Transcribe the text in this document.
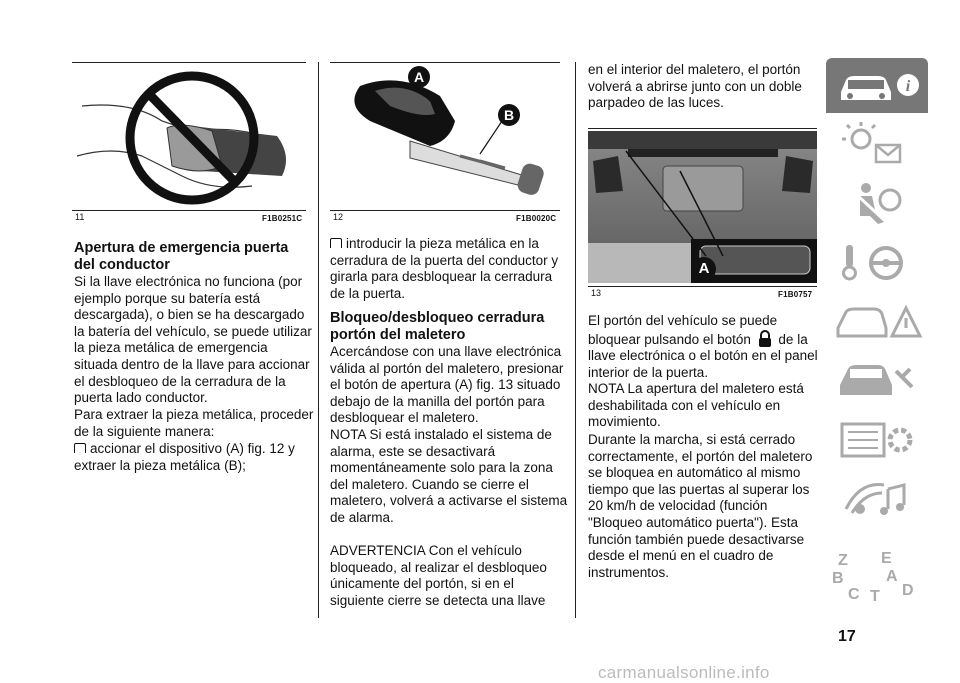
11	F1B0251C
Apertura de emergencia puerta del conductor
Si la llave electrónica no funciona (por ejemplo porque su batería está descargada), o bien se ha descargado la batería del vehículo, se puede utilizar la pieza metálica de emergencia situada dentro de la llave para accionar el desbloqueo de la cerradura de la puerta lado conductor.
Para extraer la pieza metálica, proceder de la siguiente manera:
accionar el dispositivo (A) fig. 12 y extraer la pieza metálica (B);
A
B
12	F1B0020C
introducir la pieza metálica en la cerradura de la puerta del conductor y girarla para desbloquear la cerradura de la puerta.
Bloqueo/desbloqueo cerradura portón del maletero
Acercándose con una llave electrónica válida al portón del maletero, presionar el botón de apertura (A) fig. 13 situado debajo de la manilla del portón para desbloquear el maletero.
NOTA Si está instalado el sistema de alarma, este se desactivará momentáneamente solo para la zona del maletero. Cuando se cierre el maletero, volverá a activarse el sistema de alarma.
ADVERTENCIA Con el vehículo bloqueado, al realizar el desbloqueo únicamente del portón, si en el siguiente cierre se detecta una llave
en el interior del maletero, el portón volverá a abrirse junto con un doble parpadeo de las luces.
A
13	F1B0757
El portón del vehículo se puede bloquear pulsando el botón de la llave electrónica o el botón en el panel interior de la puerta.
NOTA La apertura del maletero está deshabilitada con el vehículo en movimiento.
Durante la marcha, si está cerrado correctamente, el portón del maletero se bloquea en automático al mismo tiempo que las puertas al superar los 20 km/h de velocidad (función "Bloqueo automático puerta"). Esta función también puede desactivarse desde el menú en el cuadro de instrumentos.
i
Z E
B	A
C T D
17
carmanualsonline.info
